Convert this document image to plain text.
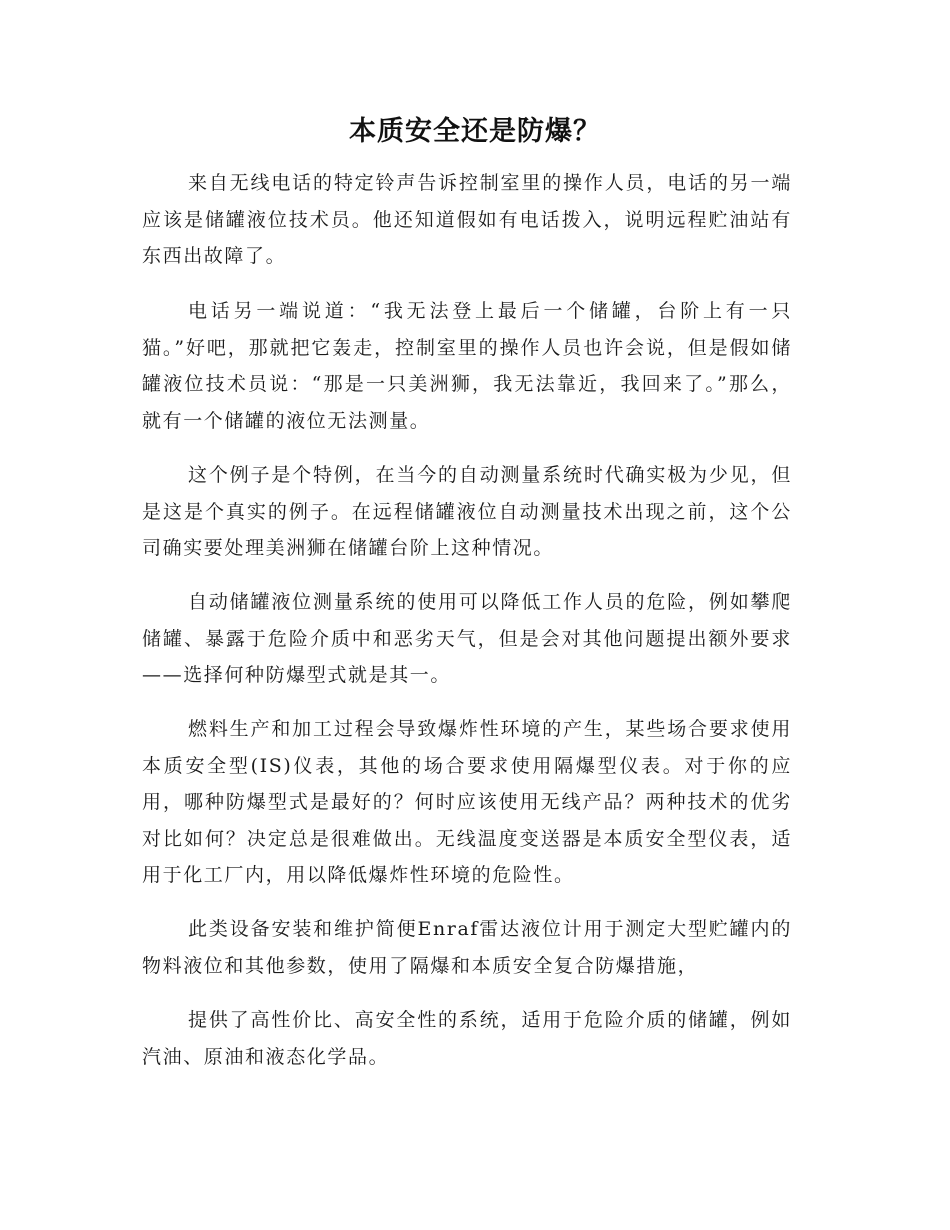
本质安全还是防爆？

来自无线电话的特定铃声告诉控制室里的操作人员，电话的另一端应该是储罐液位技术员。他还知道假如有电话拨入，说明远程贮油站有东西出故障了。

电话另一端说道：“我无法登上最后一个储罐，台阶上有一只猫。”好吧，那就把它轰走，控制室里的操作人员也许会说，但是假如储罐液位技术员说：“那是一只美洲狮，我无法靠近，我回来了。”那么，就有一个储罐的液位无法测量。

这个例子是个特例，在当今的自动测量系统时代确实极为少见，但是这是个真实的例子。在远程储罐液位自动测量技术出现之前，这个公司确实要处理美洲狮在储罐台阶上这种情况。

自动储罐液位测量系统的使用可以降低工作人员的危险，例如攀爬储罐、暴露于危险介质中和恶劣天气，但是会对其他问题提出额外要求——选择何种防爆型式就是其一。

燃料生产和加工过程会导致爆炸性环境的产生，某些场合要求使用本质安全型(IS)仪表，其他的场合要求使用隔爆型仪表。对于你的应用，哪种防爆型式是最好的？何时应该使用无线产品？两种技术的优劣对比如何？决定总是很难做出。无线温度变送器是本质安全型仪表，适用于化工厂内，用以降低爆炸性环境的危险性。

此类设备安装和维护简便Enraf雷达液位计用于测定大型贮罐内的物料液位和其他参数，使用了隔爆和本质安全复合防爆措施，

提供了高性价比、高安全性的系统，适用于危险介质的储罐，例如汽油、原油和液态化学品。
